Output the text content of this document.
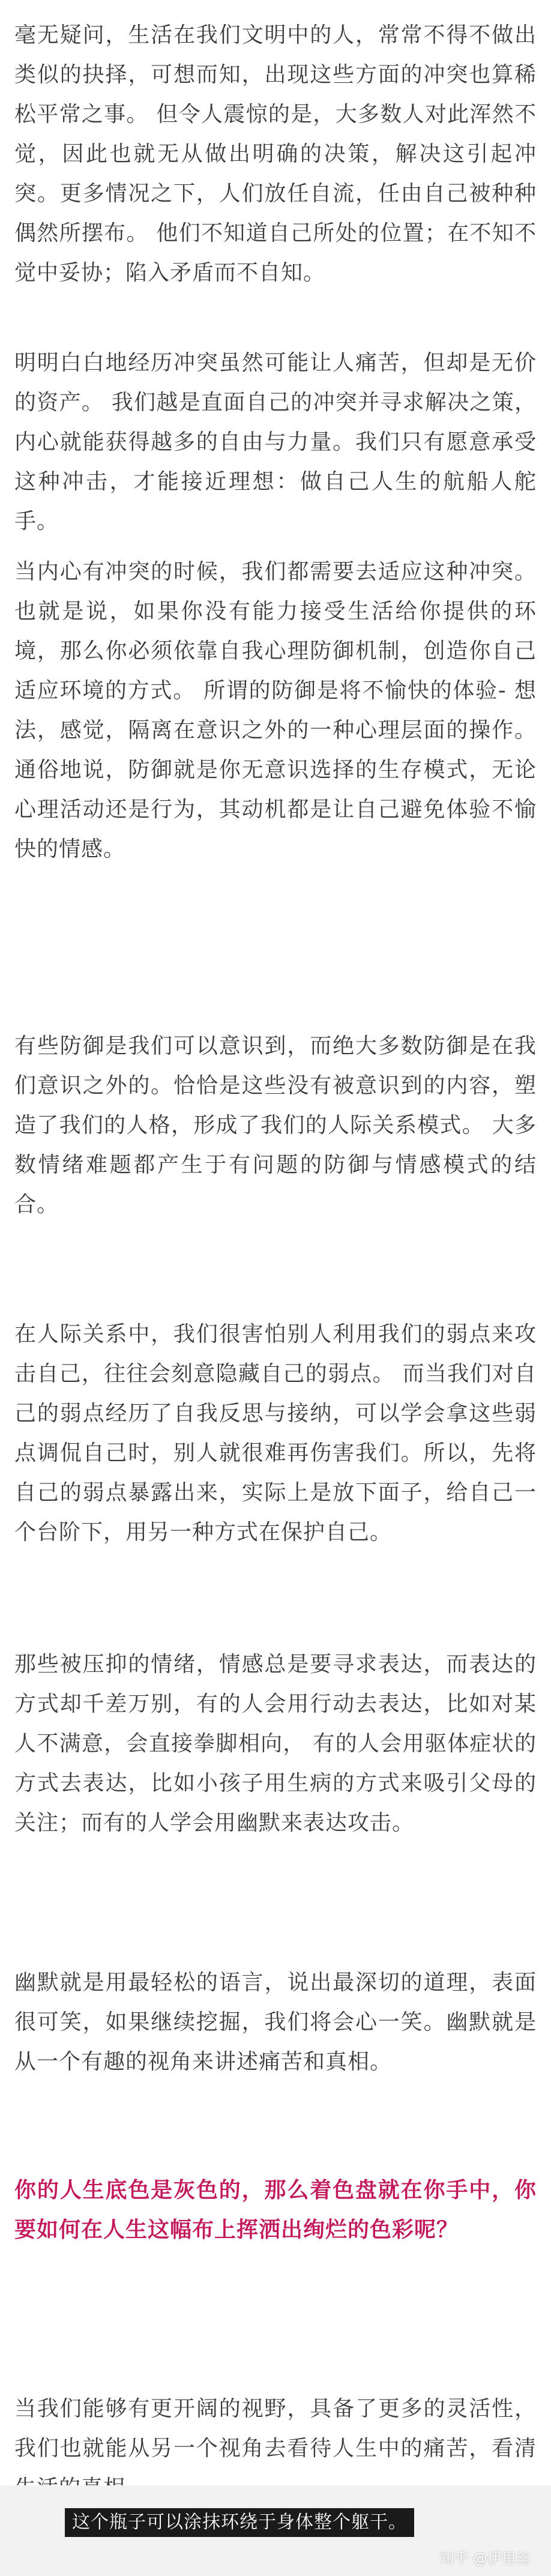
毫无疑问，生活在我们文明中的人，常常不得不做出类似的抉择，可想而知，出现这些方面的冲突也算稀松平常之事。 但令人震惊的是，大多数人对此浑然不觉，因此也就无从做出明确的决策，解决这引起冲突。更多情况之下，人们放任自流，任由自己被种种偶然所摆布。 他们不知道自己所处的位置；在不知不觉中妥协；陷入矛盾而不自知。

明明白白地经历冲突虽然可能让人痛苦，但却是无价的资产。 我们越是直面自己的冲突并寻求解决之策，内心就能获得越多的自由与力量。我们只有愿意承受这种冲击，才能接近理想：做自己人生的航船人舵手。

当内心有冲突的时候，我们都需要去适应这种冲突。 也就是说，如果你没有能力接受生活给你提供的环境，那么你必须依靠自我心理防御机制，创造你自己适应环境的方式。 所谓的防御是将不愉快的体验- 想法，感觉，隔离在意识之外的一种心理层面的操作。 通俗地说，防御就是你无意识选择的生存模式，无论心理活动还是行为，其动机都是让自己避免体验不愉快的情感。

有些防御是我们可以意识到，而绝大多数防御是在我们意识之外的。恰恰是这些没有被意识到的内容，塑造了我们的人格，形成了我们的人际关系模式。 大多数情绪难题都产生于有问题的防御与情感模式的结合。

在人际关系中，我们很害怕别人利用我们的弱点来攻击自己，往往会刻意隐藏自己的弱点。 而当我们对自己的弱点经历了自我反思与接纳，可以学会拿这些弱点调侃自己时，别人就很难再伤害我们。所以，先将自己的弱点暴露出来，实际上是放下面子，给自己一个台阶下，用另一种方式在保护自己。

那些被压抑的情绪，情感总是要寻求表达，而表达的方式却千差万别，有的人会用行动去表达，比如对某人不满意，会直接拳脚相向， 有的人会用驱体症状的方式去表达，比如小孩子用生病的方式来吸引父母的关注；而有的人学会用幽默来表达攻击。

幽默就是用最轻松的语言，说出最深切的道理，表面很可笑，如果继续挖掘，我们将会心一笑。幽默就是从一个有趣的视角来讲述痛苦和真相。

你的人生底色是灰色的，那么着色盘就在你手中，你要如何在人生这幅布上挥洒出绚烂的色彩呢？

当我们能够有更开阔的视野，具备了更多的灵活性，我们也就能从另一个视角去看待人生中的痛苦，看清

这个瓶子可以涂抹环绕于身体整个躯干。
知乎 @伊里丝
